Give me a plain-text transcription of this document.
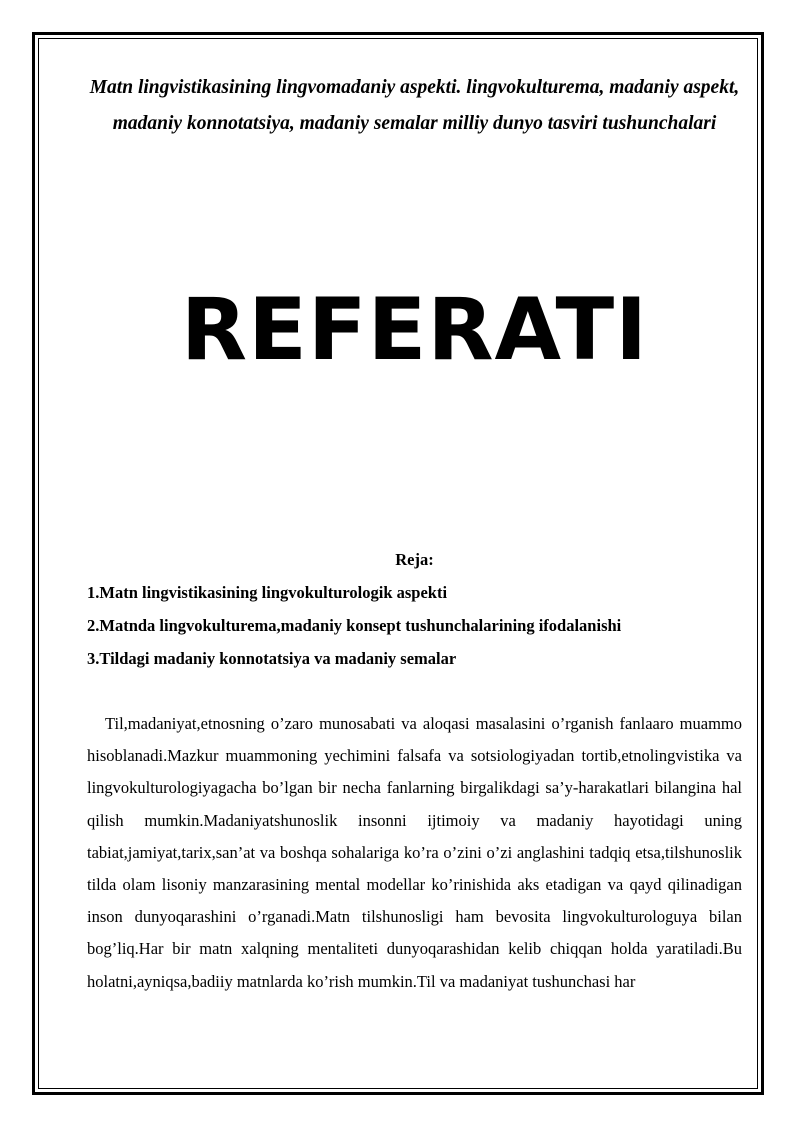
Matn lingvistikasining lingvomadaniy aspekti. lingvokulturema, madaniy aspekt, madaniy konnotatsiya, madaniy semalar milliy dunyo tasviri tushunchalari
REFERATI

Reja:

1.Matn lingvistikasining lingvokulturologik aspekti
2.Matnda lingvokulturema,madaniy konsept tushunchalarining ifodalanishi
3.Tildagi madaniy konnotatsiya va madaniy semalar

Til,madaniyat,etnosning o’zaro munosabati va aloqasi masalasini o’rganish fanlaaro muammo hisoblanadi.Mazkur muammoning yechimini falsafa va sotsiologiyadan tortib,etnolingvistika va lingvokulturologiyagacha bo’lgan bir necha fanlarning birgalikdagi sa’y-harakatlari bilangina hal qilish mumkin.Madaniyatshunoslik insonni ijtimoiy va madaniy hayotidagi uning tabiat,jamiyat,tarix,san’at va boshqa sohalariga ko’ra o’zini o’zi anglashini tadqiq etsa,tilshunoslik tilda olam lisoniy manzarasining mental modellar ko’rinishida aks etadigan va qayd qilinadigan inson dunyoqarashini o’rganadi.Matn tilshunosligi ham bevosita lingvokulturologuya bilan bog’liq.Har bir matn xalqning mentaliteti dunyoqarashidan kelib chiqqan holda yaratiladi.Bu holatni,ayniqsa,badiiy matnlarda ko’rish mumkin.Til va madaniyat tushunchasi har
